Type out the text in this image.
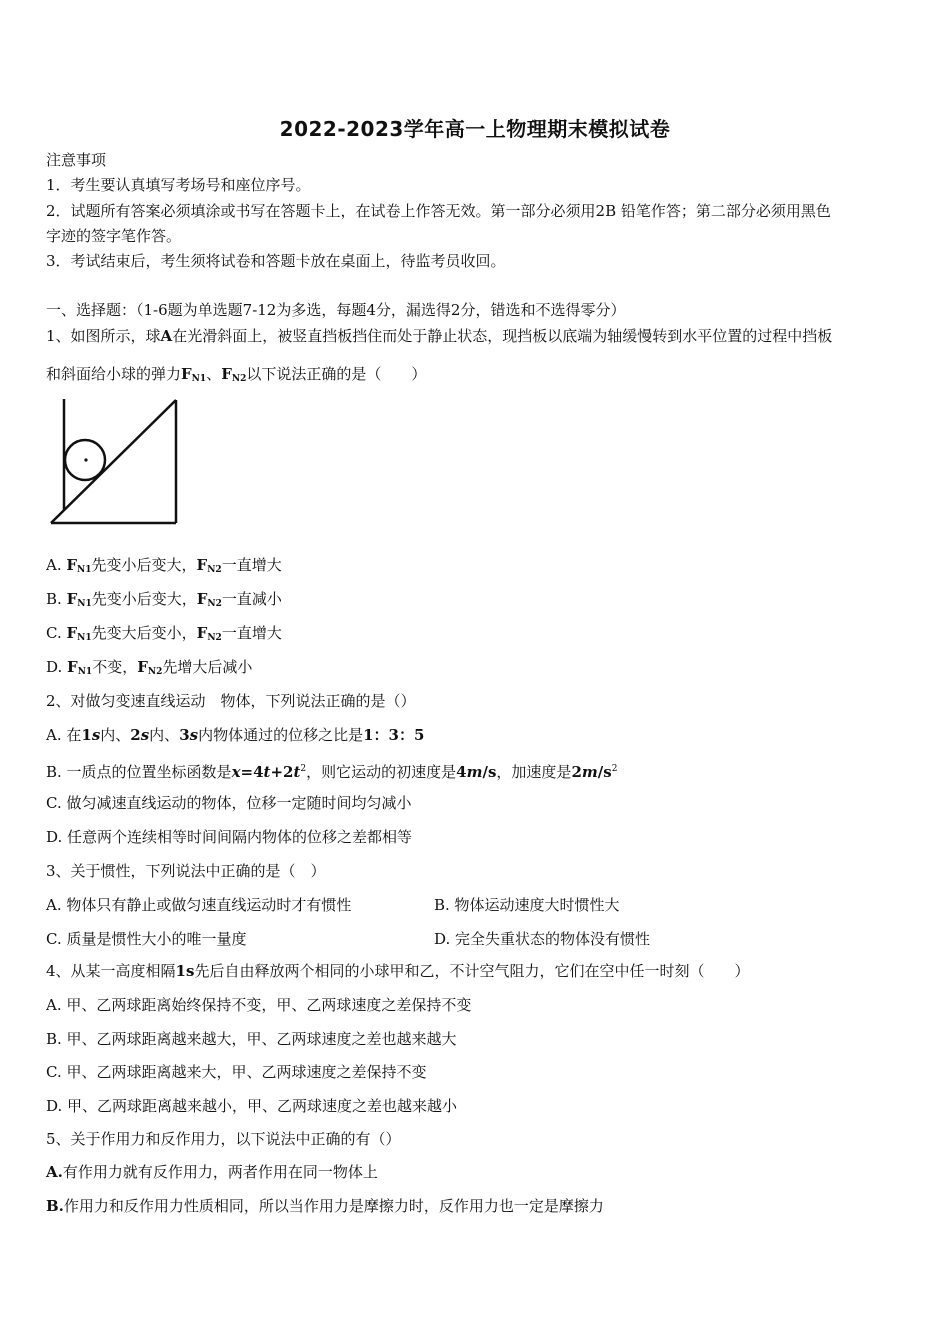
2022-2023学年高一上物理期末模拟试卷
注意事项
1．考生要认真填写考场号和座位序号。
2．试题所有答案必须填涂或书写在答题卡上，在试卷上作答无效。第一部分必须用2B 铅笔作答；第二部分必须用黑色
字迹的签字笔作答。
3．考试结束后，考生须将试卷和答题卡放在桌面上，待监考员收回。
一、选择题：（1-6题为单选题7-12为多选，每题4分，漏选得2分，错选和不选得零分）
1、如图所示，球A在光滑斜面上，被竖直挡板挡住而处于静止状态，现挡板以底端为轴缓慢转到水平位置的过程中挡板
和斜面给小球的弹力$F_{N1}$、$F_{N2}$以下说法正确的是（　　）
A. $F_{N1}$先变小后变大，$F_{N2}$一直增大
B. $F_{N1}$先变小后变大，$F_{N2}$一直减小
C. $F_{N1}$先变大后变小，$F_{N2}$一直增大
D. $F_{N1}$不变，$F_{N2}$先增大后减小
2、对做匀变速直线运动　物体，下列说法正确的是（）
A. 在1s内、2s内、3s内物体通过的位移之比是1：3：5
B. 一质点的位置坐标函数是$x=4t+2t^2$，则它运动的初速度是4m/s，加速度是$2m/s^2$
C. 做匀减速直线运动的物体，位移一定随时间均匀减小
D. 任意两个连续相等时间间隔内物体的位移之差都相等
3、关于惯性，下列说法中正确的是（　）
A. 物体只有静止或做匀速直线运动时才有惯性	B. 物体运动速度大时惯性大
C. 质量是惯性大小的唯一量度	D. 完全失重状态的物体没有惯性
4、从某一高度相隔1s先后自由释放两个相同的小球甲和乙，不计空气阻力，它们在空中任一时刻（　　）
A. 甲、乙两球距离始终保持不变，甲、乙两球速度之差保持不变
B. 甲、乙两球距离越来越大，甲、乙两球速度之差也越来越大
C. 甲、乙两球距离越来大，甲、乙两球速度之差保持不变
D. 甲、乙两球距离越来越小，甲、乙两球速度之差也越来越小
5、关于作用力和反作用力，以下说法中正确的有（）
A.有作用力就有反作用力，两者作用在同一物体上
B.作用力和反作用力性质相同，所以当作用力是摩擦力时，反作用力也一定是摩擦力
